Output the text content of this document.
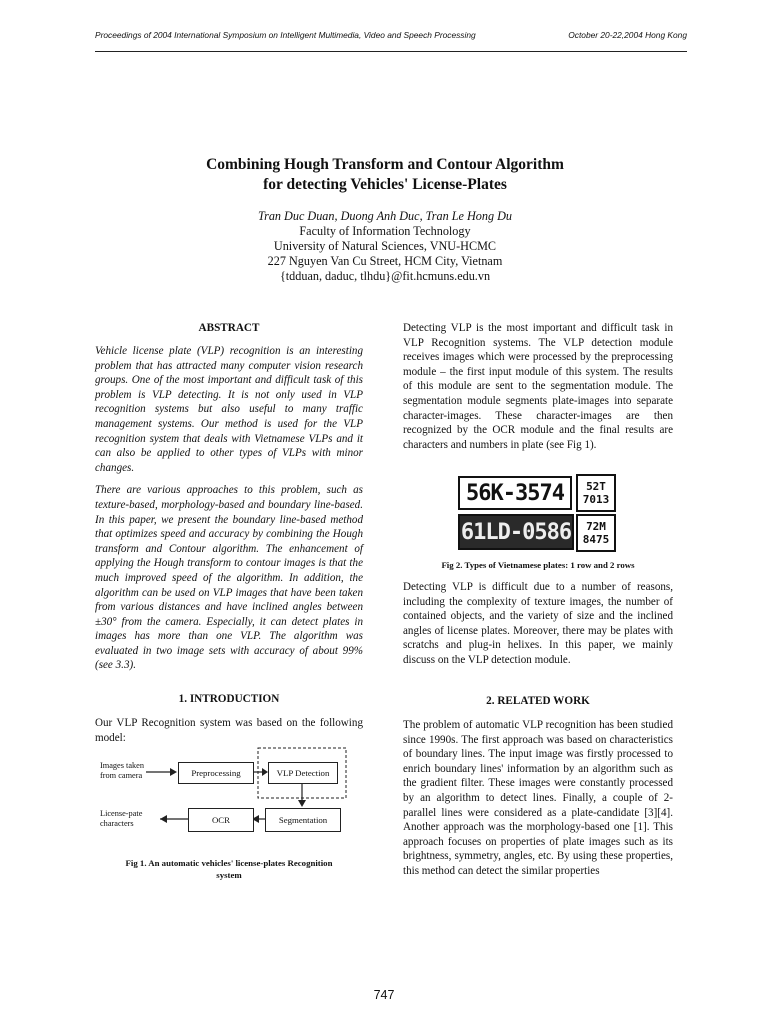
Proceedings of 2004 International Symposium on Intelligent Multimedia, Video and Speech Processing	October 20-22,2004 Hong Kong
Combining Hough Transform and Contour Algorithm
for detecting Vehicles' License-Plates
Tran Duc Duan, Duong Anh Duc, Tran Le Hong Du
Faculty of Information Technology
University of Natural Sciences, VNU-HCMC
227 Nguyen Van Cu Street, HCM City, Vietnam
{tdduan, daduc, tlhdu}@fit.hcmuns.edu.vn
ABSTRACT

Vehicle license plate (VLP) recognition is an interesting problem that has attracted many computer vision research groups. One of the most important and difficult task of this problem is VLP detecting. It is not only used in VLP recognition systems but also useful to many traffic management systems. Our method is used for the VLP recognition system that deals with Vietnamese VLPs and it can also be applied to other types of VLPs with minor changes.

There are various approaches to this problem, such as texture-based, morphology-based and boundary line-based. In this paper, we present the boundary line-based method that optimizes speed and accuracy by combining the Hough transform and Contour algorithm. The enhancement of applying the Hough transform to contour images is that the much improved speed of the algorithm. In addition, the algorithm can be used on VLP images that have been taken from various distances and have inclined angles between ±30° from the camera. Especially, it can detect plates in images has more than one VLP. The algorithm was evaluated in two image sets with accuracy of about 99% (see 3.3).

1. INTRODUCTION
Our VLP Recognition system was based on the following model:
Images taken
from camera	Preprocessing	VLP Detection
OCR	Segmentation
License-pate
characters
Fig 1. An automatic vehicles' license-plates Recognition
system
Detecting VLP is the most important and difficult task in VLP Recognition systems. The VLP detection module receives images which were processed by the preprocessing module – the first input module of this system. The results of this module are sent to the segmentation module. The segmentation module segments plate-images into separate character-images. These character-images are then recognized by the OCR module and the final results are characters and numbers in plate (see Fig 1).
56K-3574	52T
7013
61LD-0586 72M
8475
Fig 2. Types of Vietnamese plates: 1 row and 2 rows
Detecting VLP is difficult due to a number of reasons, including the complexity of texture images, the number of contained objects, and the variety of size and the inclined angles of license plates. Moreover, there may be plates with scratchs and plug-in helixes. In this paper, we mainly discuss on the VLP detection module.
2. RELATED WORK
The problem of automatic VLP recognition has been studied since 1990s. The first approach was based on characteristics of boundary lines. The input image was firstly processed to enrich boundary lines' information by an algorithm such as the gradient filter. These images were constantly processed by an algorithm to detect lines. Finally, a couple of 2-parallel lines were considered as a plate-candidate [3][4]. Another approach was the morphology-based one [1]. This approach focuses on properties of plate images such as its brightness, symmetry, angles, etc. By using these properties, this method can detect the similar properties
747
